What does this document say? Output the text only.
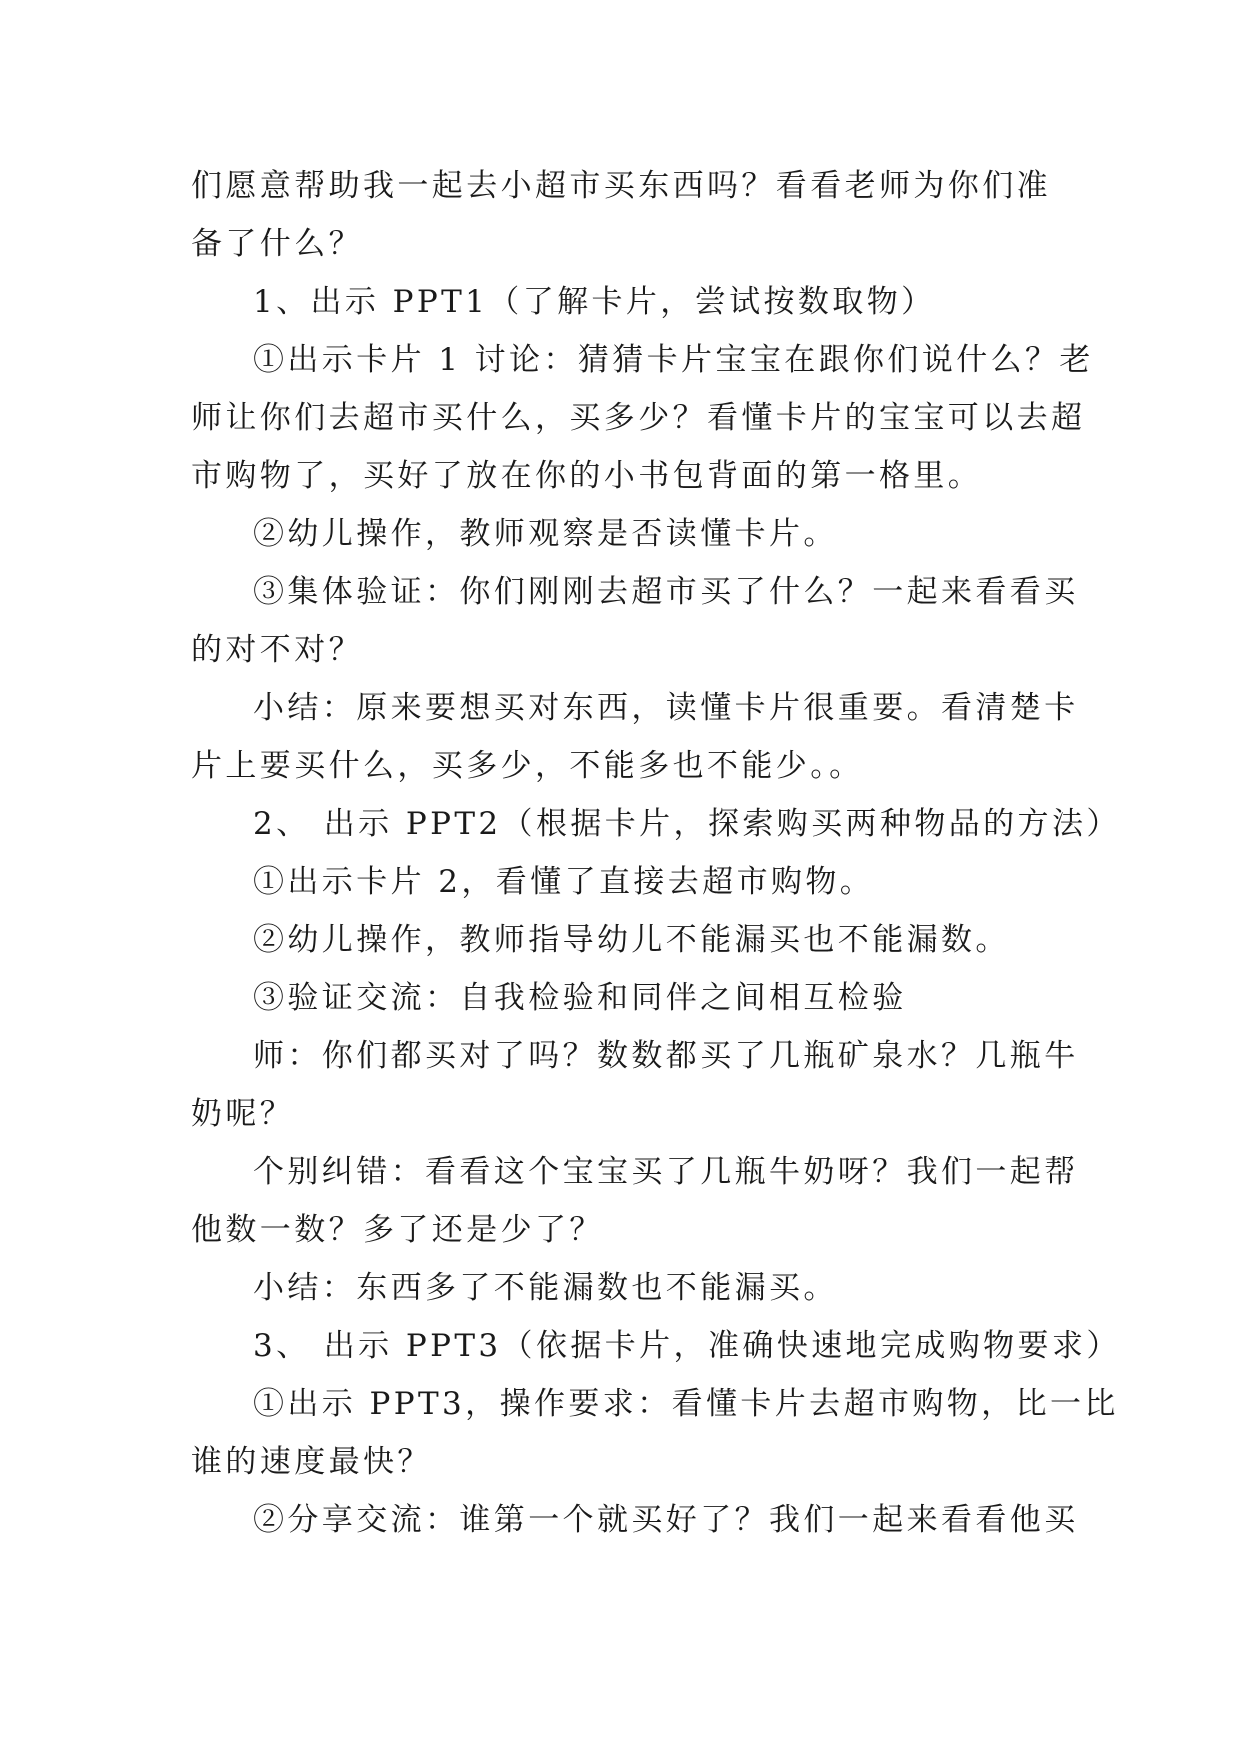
们愿意帮助我一起去小超市买东西吗？看看老师为你们准
备了什么？
1、出示 PPT1（了解卡片，尝试按数取物）
①出示卡片 1 讨论：猜猜卡片宝宝在跟你们说什么？老
师让你们去超市买什么，买多少？看懂卡片的宝宝可以去超
市购物了，买好了放在你的小书包背面的第一格里。
②幼儿操作，教师观察是否读懂卡片。
③集体验证：你们刚刚去超市买了什么？一起来看看买
的对不对？
小结：原来要想买对东西，读懂卡片很重要。看清楚卡
片上要买什么，买多少，不能多也不能少。。
2、 出示 PPT2（根据卡片，探索购买两种物品的方法）
①出示卡片 2，看懂了直接去超市购物。
②幼儿操作，教师指导幼儿不能漏买也不能漏数。
③验证交流：自我检验和同伴之间相互检验
师：你们都买对了吗？数数都买了几瓶矿泉水？几瓶牛
奶呢？
个别纠错：看看这个宝宝买了几瓶牛奶呀？我们一起帮
他数一数？多了还是少了？
小结：东西多了不能漏数也不能漏买。
3、 出示 PPT3（依据卡片，准确快速地完成购物要求）
①出示 PPT3，操作要求：看懂卡片去超市购物，比一比
谁的速度最快？
②分享交流：谁第一个就买好了？我们一起来看看他买
